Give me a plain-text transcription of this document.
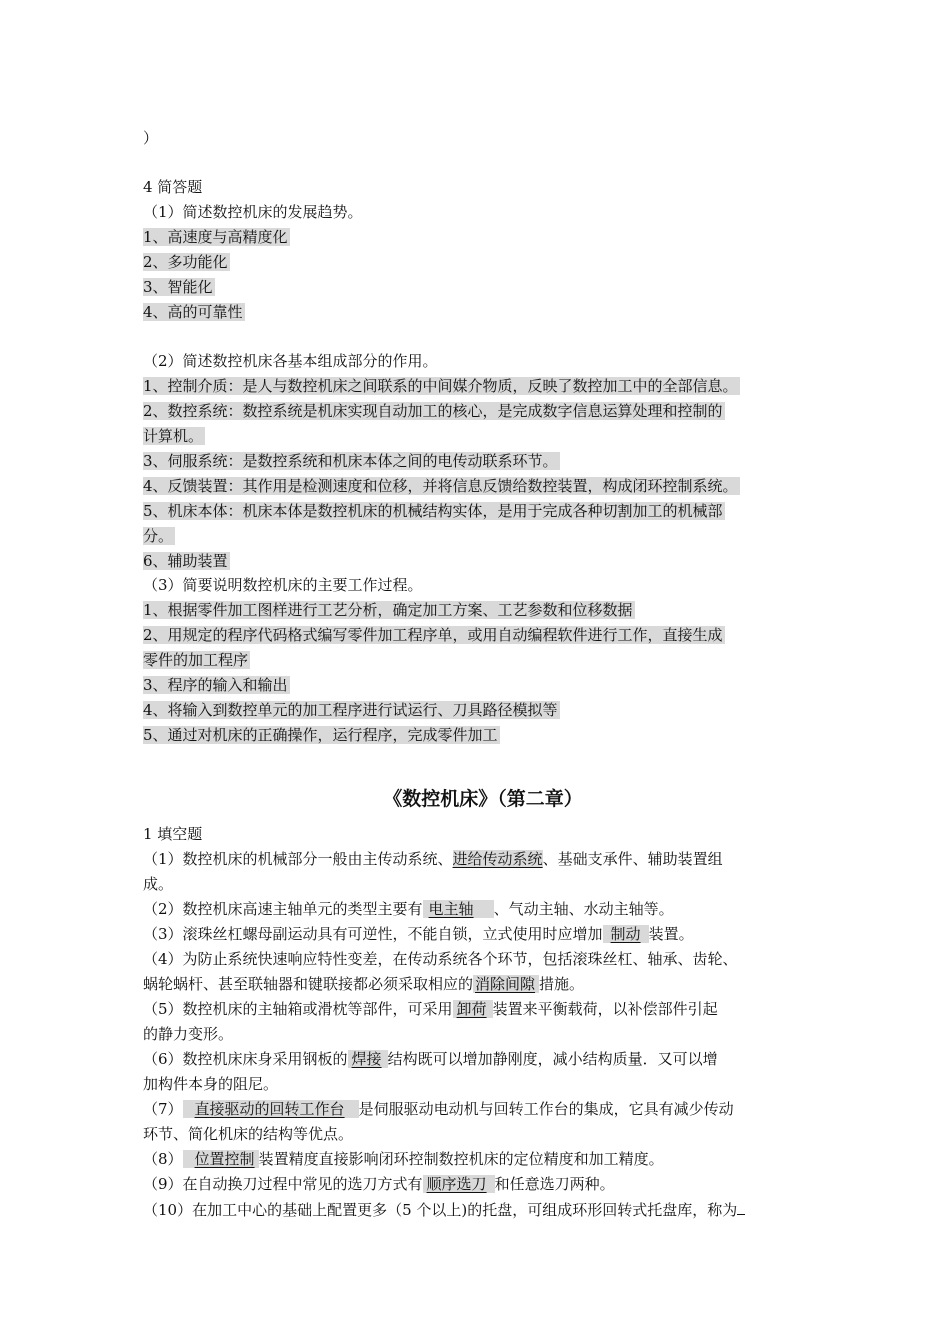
）
4 简答题
（1）简述数控机床的发展趋势。
1、高速度与高精度化
2、多功能化
3、智能化
4、高的可靠性
（2）简述数控机床各基本组成部分的作用。
1、控制介质：是人与数控机床之间联系的中间媒介物质，反映了数控加工中的全部信息。
2、数控系统：数控系统是机床实现自动加工的核心，是完成数字信息运算处理和控制的
计算机。
3、伺服系统：是数控系统和机床本体之间的电传动联系环节。
4、反馈装置：其作用是检测速度和位移，并将信息反馈给数控装置，构成闭环控制系统。
5、机床本体：机床本体是数控机床的机械结构实体，是用于完成各种切割加工的机械部
分。
6、辅助装置
（3）简要说明数控机床的主要工作过程。
1、根据零件加工图样进行工艺分析，确定加工方案、工艺参数和位移数据
2、用规定的程序代码格式编写零件加工程序单，或用自动编程软件进行工作，直接生成
零件的加工程序
3、程序的输入和输出
4、将输入到数控单元的加工程序进行试运行、刀具路径模拟等
5、通过对机床的正确操作，运行程序，完成零件加工
《数控机床》（第二章）
1 填空题
（1）数控机床的机械部分一般由主传动系统、进给传动系统、基础支承件、辅助装置组
成。
（2）数控机床高速主轴单元的类型主要有 电主轴 、气动主轴、水动主轴等。
（3）滚珠丝杠螺母副运动具有可逆性，不能自锁，立式使用时应增加 制动 装置。
（4）为防止系统快速响应特性变差，在传动系统各个环节，包括滚珠丝杠、轴承、齿轮、
蜗轮蜗杆、甚至联轴器和键联接都必须采取相应的 消除间隙 措施。
（5）数控机床的主轴箱或滑枕等部件，可采用 卸荷 装置来平衡载荷，以补偿部件引起
的静力变形。
（6）数控机床床身采用钢板的 焊接 结构既可以增加静刚度，减小结构质量．又可以增
加构件本身的阻尼。
（7） 直接驱动的回转工作台 是伺服驱动电动机与回转工作台的集成，它具有减少传动
环节、简化机床的结构等优点。
（8） 位置控制 装置精度直接影响闭环控制数控机床的定位精度和加工精度。
（9）在自动换刀过程中常见的选刀方式有 顺序选刀 和任意选刀两种。
（10）在加工中心的基础上配置更多（5 个以上)的托盘，可组成环形回转式托盘库，称为
